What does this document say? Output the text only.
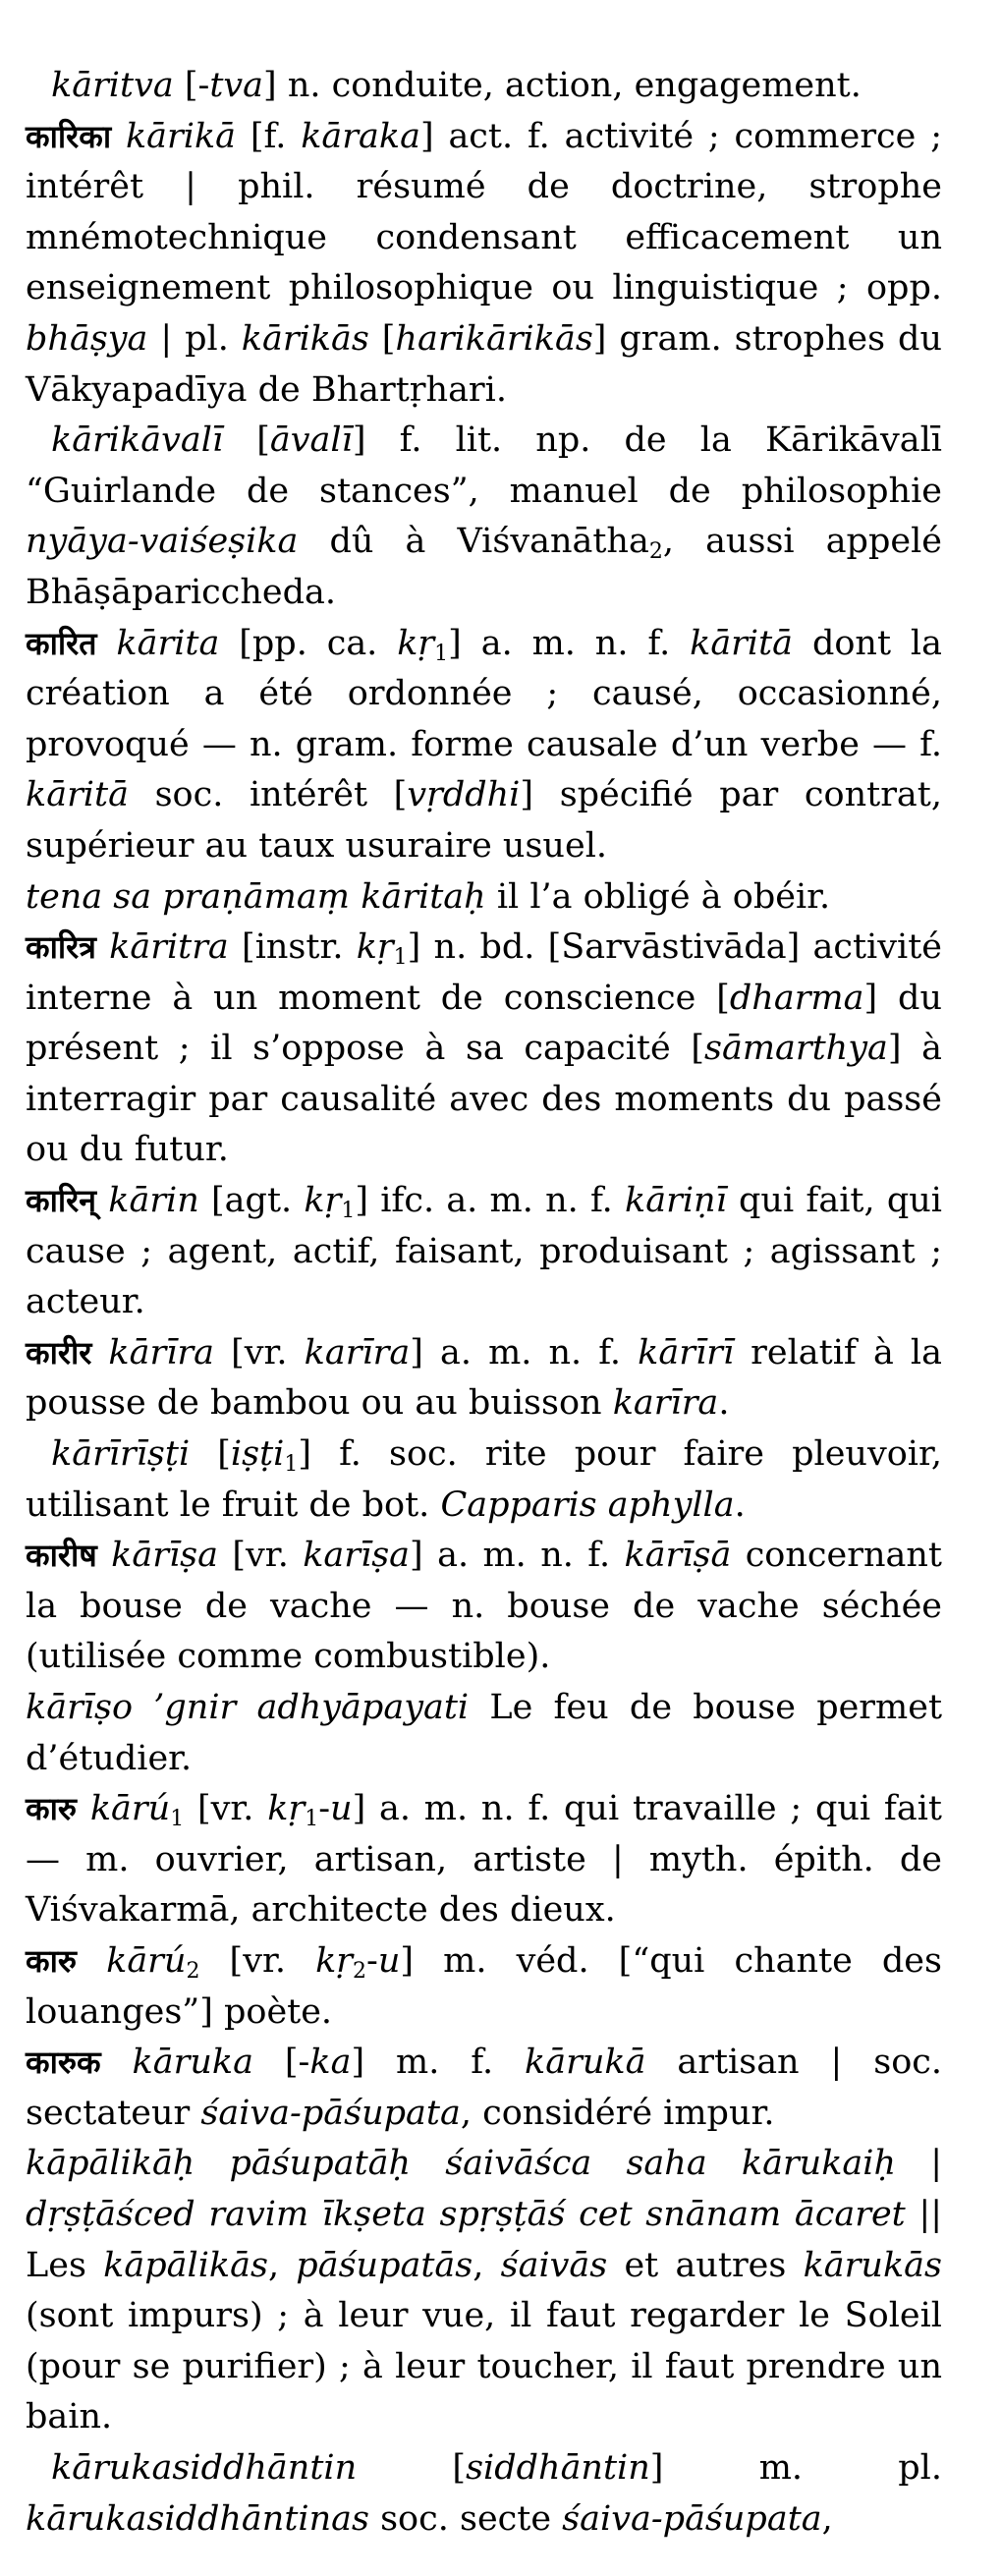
kāritva [-tva] n. conduite, action, engagement.

कारिका kārikā [f. kāraka] act. f. activité ; commerce ; intérêt | phil. résumé de doctrine, strophe mnémotechnique condensant efficacement un enseignement philosophique ou linguistique ; opp. bhāṣya | pl. kārikās [harikārikās] gram. strophes du Vākyapadīya de Bhartṛhari.

kārikāvalī [āvalī] f. lit. np. de la Kārikāvalī “Guirlande de stances”, manuel de philosophie nyāya-vaiśeṣika dû à Viśvanātha$_2$, aussi appelé Bhāṣāpariccheda.

कारित kārita [pp. ca. kṛ$_1$] a. m. n. f. kāritā dont la création a été ordonnée ; causé, occasionné, provoqué — n. gram. forme causale d’un verbe — f. kāritā soc. intérêt [vṛddhi] spécifié par contrat, supérieur au taux usuraire usuel.

tena sa praṇāmaṃ kāritaḥ il l’a obligé à obéir.

कारित्र kāritra [instr. kṛ$_1$] n. bd. [Sarvāstivāda] activité interne à un moment de conscience [dharma] du présent ; il s’oppose à sa capacité [sāmarthya] à interragir par causalité avec des moments du passé ou du futur.

कारिन् kārin [agt. kṛ$_1$] ifc. a. m. n. f. kāriṇī qui fait, qui cause ; agent, actif, faisant, produisant ; agissant ; acteur.

कारीर kārīra [vr. karīra] a. m. n. f. kārīrī relatif à la pousse de bambou ou au buisson karīra.

kārīrīṣṭi [iṣṭi$_1$] f. soc. rite pour faire pleuvoir, utilisant le fruit de bot. Capparis aphylla.

कारीष kārīṣa [vr. karīṣa] a. m. n. f. kārīṣā concernant la bouse de vache — n. bouse de vache séchée (utilisée comme combustible).

kārīṣo ’gnir adhyāpayati Le feu de bouse permet d’étudier.

कारु kārú$_1$ [vr. kṛ$_1$-u] a. m. n. f. qui travaille ; qui fait — m. ouvrier, artisan, artiste | myth. épith. de Viśvakarmā, architecte des dieux.

कारु kārú$_2$ [vr. kṛ$_2$-u] m. véd. [“qui chante des louanges”] poète.

कारुक kāruka [-ka] m. f. kārukā artisan | soc. sectateur śaiva-pāśupata, considéré impur.

kāpālikāḥ pāśupatāḥ śaivāśca saha kārukaiḥ | dṛṣṭāśced ravim īkṣeta spṛṣṭāś cet snānam ācaret || Les kāpālikās, pāśupatās, śaivās et autres kārukās (sont impurs) ; à leur vue, il faut regarder le Soleil (pour se purifier) ; à leur toucher, il faut prendre un bain.

kārukasiddhāntin [siddhāntin] m. pl. kārukasiddhāntinas soc. secte śaiva-pāśupata,
